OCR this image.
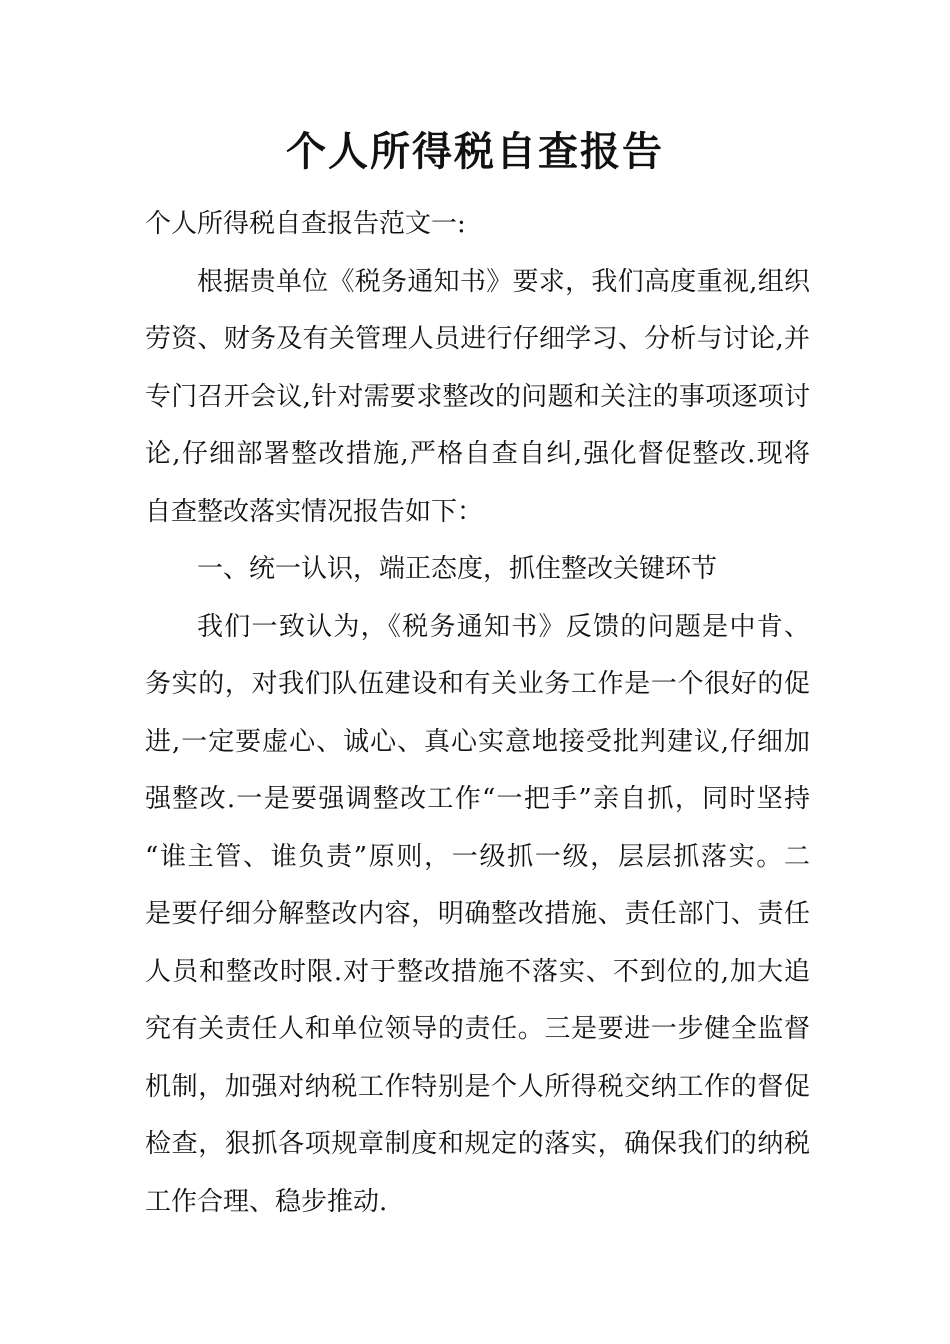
个人所得税自查报告
个人所得税自查报告范文一:
根据贵单位《税务通知书》要求，我们高度重视,组织
劳资、财务及有关管理人员进行仔细学习、分析与讨论,并
专门召开会议,针对需要求整改的问题和关注的事项逐项讨
论,仔细部署整改措施,严格自查自纠,强化督促整改.现将
自查整改落实情况报告如下：
一、统一认识，端正态度，抓住整改关键环节
我们一致认为，《税务通知书》反馈的问题是中肯、
务实的，对我们队伍建设和有关业务工作是一个很好的促
进,一定要虚心、诚心、真心实意地接受批判建议,仔细加
强整改.一是要强调整改工作“一把手”亲自抓，同时坚持
“谁主管、谁负责”原则，一级抓一级，层层抓落实。二
是要仔细分解整改内容，明确整改措施、责任部门、责任
人员和整改时限.对于整改措施不落实、不到位的,加大追
究有关责任人和单位领导的责任。三是要进一步健全监督
机制，加强对纳税工作特别是个人所得税交纳工作的督促
检查，狠抓各项规章制度和规定的落实，确保我们的纳税
工作合理、稳步推动.
